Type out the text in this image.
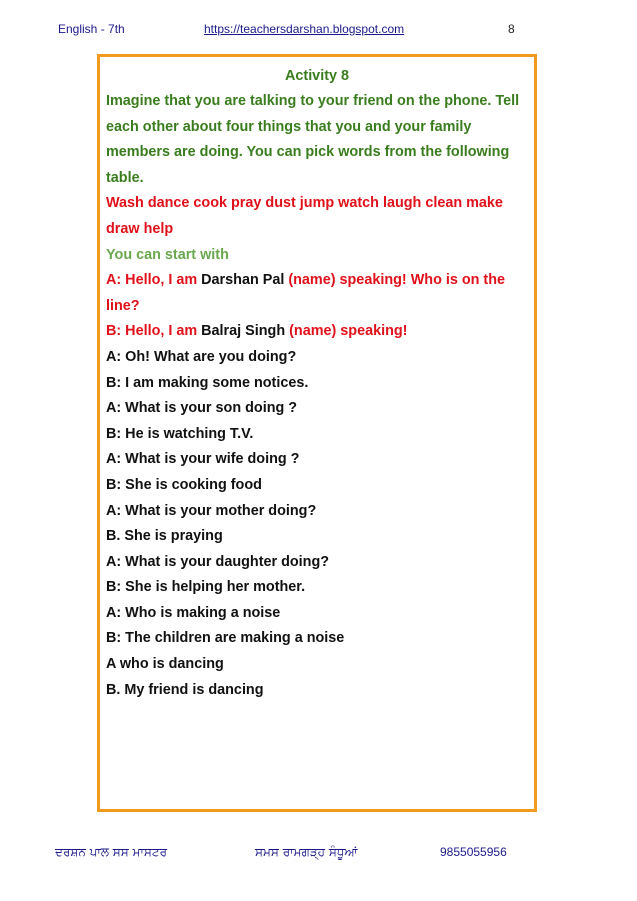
English - 7th	https://teachersdarshan.blogspot.com	8
Activity 8
Imagine that you are talking to your friend on the phone. Tell each other about four things that you and your family members are doing. You can pick words from the following table.
Wash dance cook pray dust jump watch laugh clean make draw help
You can start with
A: Hello, I am Darshan Pal (name) speaking! Who is on the line?
B: Hello, I am Balraj Singh (name) speaking!
A: Oh! What are you doing?
B: I am making some notices.
A: What is your son doing ?
B: He is watching T.V.
A: What is your wife doing ?
B: She is cooking food
A: What is your mother doing?
B. She is praying
A: What is your daughter doing?
B: She is helping her mother.
A: Who is making a noise
B: The children are making a noise
A who is dancing
B. My friend is dancing
ਦਰਸ਼ਨ ਪਾਲ ਸਸ ਮਾਸਟਰ	ਸਮਸ ਰਾਮਗੜ੍ਹ ਸੰਧੂਆਂ	9855055956
